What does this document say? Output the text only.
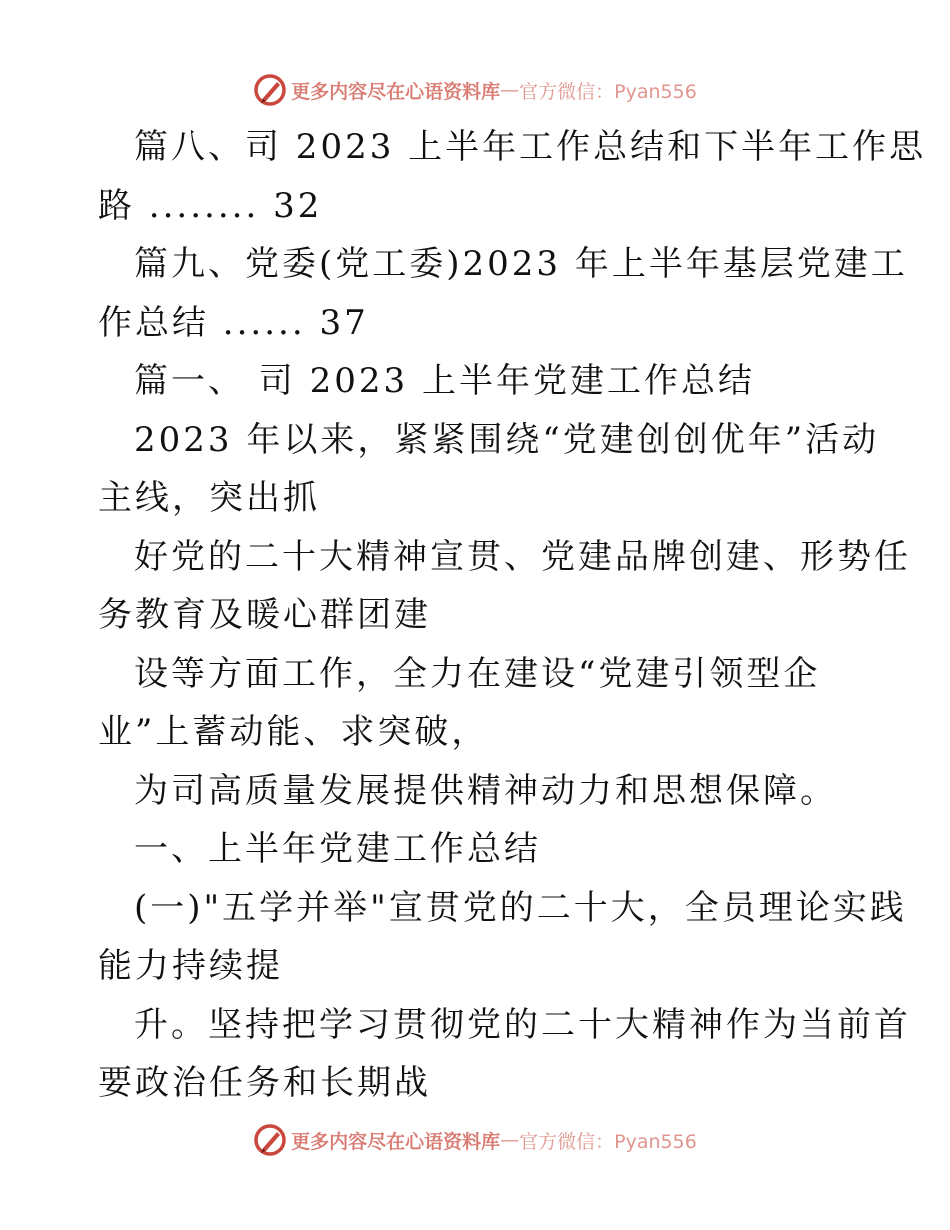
更多内容尽在心语资料库 — 官方微信：Pyan556
篇八、司 2023 上半年工作总结和下半年工作思
路 ........ 32
篇九、党委(党工委)2023 年上半年基层党建工
作总结 ...... 37
篇一、 司 2023 上半年党建工作总结
2023 年以来，紧紧围绕“党建创创优年”活动
主线，突出抓
好党的二十大精神宣贯、党建品牌创建、形势任
务教育及暖心群团建
设等方面工作，全力在建设“党建引领型企
业”上蓄动能、求突破，
为司高质量发展提供精神动力和思想保障。
一、上半年党建工作总结
(一)"五学并举"宣贯党的二十大，全员理论实践
能力持续提
升。坚持把学习贯彻党的二十大精神作为当前首
要政治任务和长期战
更多内容尽在心语资料库 — 官方微信：Pyan556
